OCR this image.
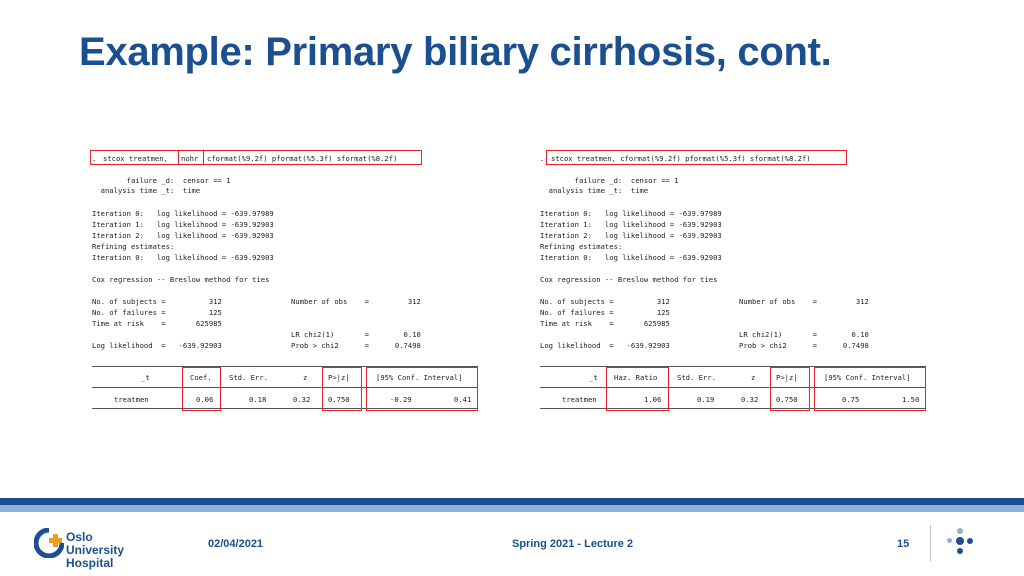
Example: Primary biliary cirrhosis, cont.
. stcox treatmen, nohr cformat(%9.2f) pformat(%5.3f) sformat(%8.2f)
failure _d:  censor == 1
analysis time _t:  time
Iteration 0:   log likelihood = -639.97989
Iteration 1:   log likelihood = -639.92903
Iteration 2:   log likelihood = -639.92903
Refining estimates:
Iteration 0:   log likelihood = -639.92903
Cox regression -- Breslow method for ties
No. of subjects =          312                Number of obs    =         312
No. of failures =          125
Time at risk    =       625985
LR chi2(1)       =        0.10
Log likelihood  =   -639.92903                Prob > chi2      =      0.7498
_t	Coef. Std. Err.	z	P>|z|	[95% Conf. Interval]
treatmen	0.06	0.18	0.32 0.750	-0.29	0.41
. stcox treatmen, cformat(%9.2f) pformat(%5.3f) sformat(%8.2f)
failure _d:  censor == 1
analysis time _t:  time
Iteration 0:   log likelihood = -639.97989
Iteration 1:   log likelihood = -639.92903
Iteration 2:   log likelihood = -639.92903
Refining estimates:
Iteration 0:   log likelihood = -639.92903
Cox regression -- Breslow method for ties
No. of subjects =          312                Number of obs    =         312
No. of failures =          125
Time at risk    =       625985
LR chi2(1)       =        0.10
Log likelihood  =   -639.92903                Prob > chi2      =      0.7498
_t Haz. Ratio	Std. Err.	z	P>|z|	[95% Conf. Interval]
treatmen	1.06	0.19	0.32 0.750	0.75	1.50
Oslo
University Hospital
02/04/2021	Spring 2021 - Lecture 2	15
